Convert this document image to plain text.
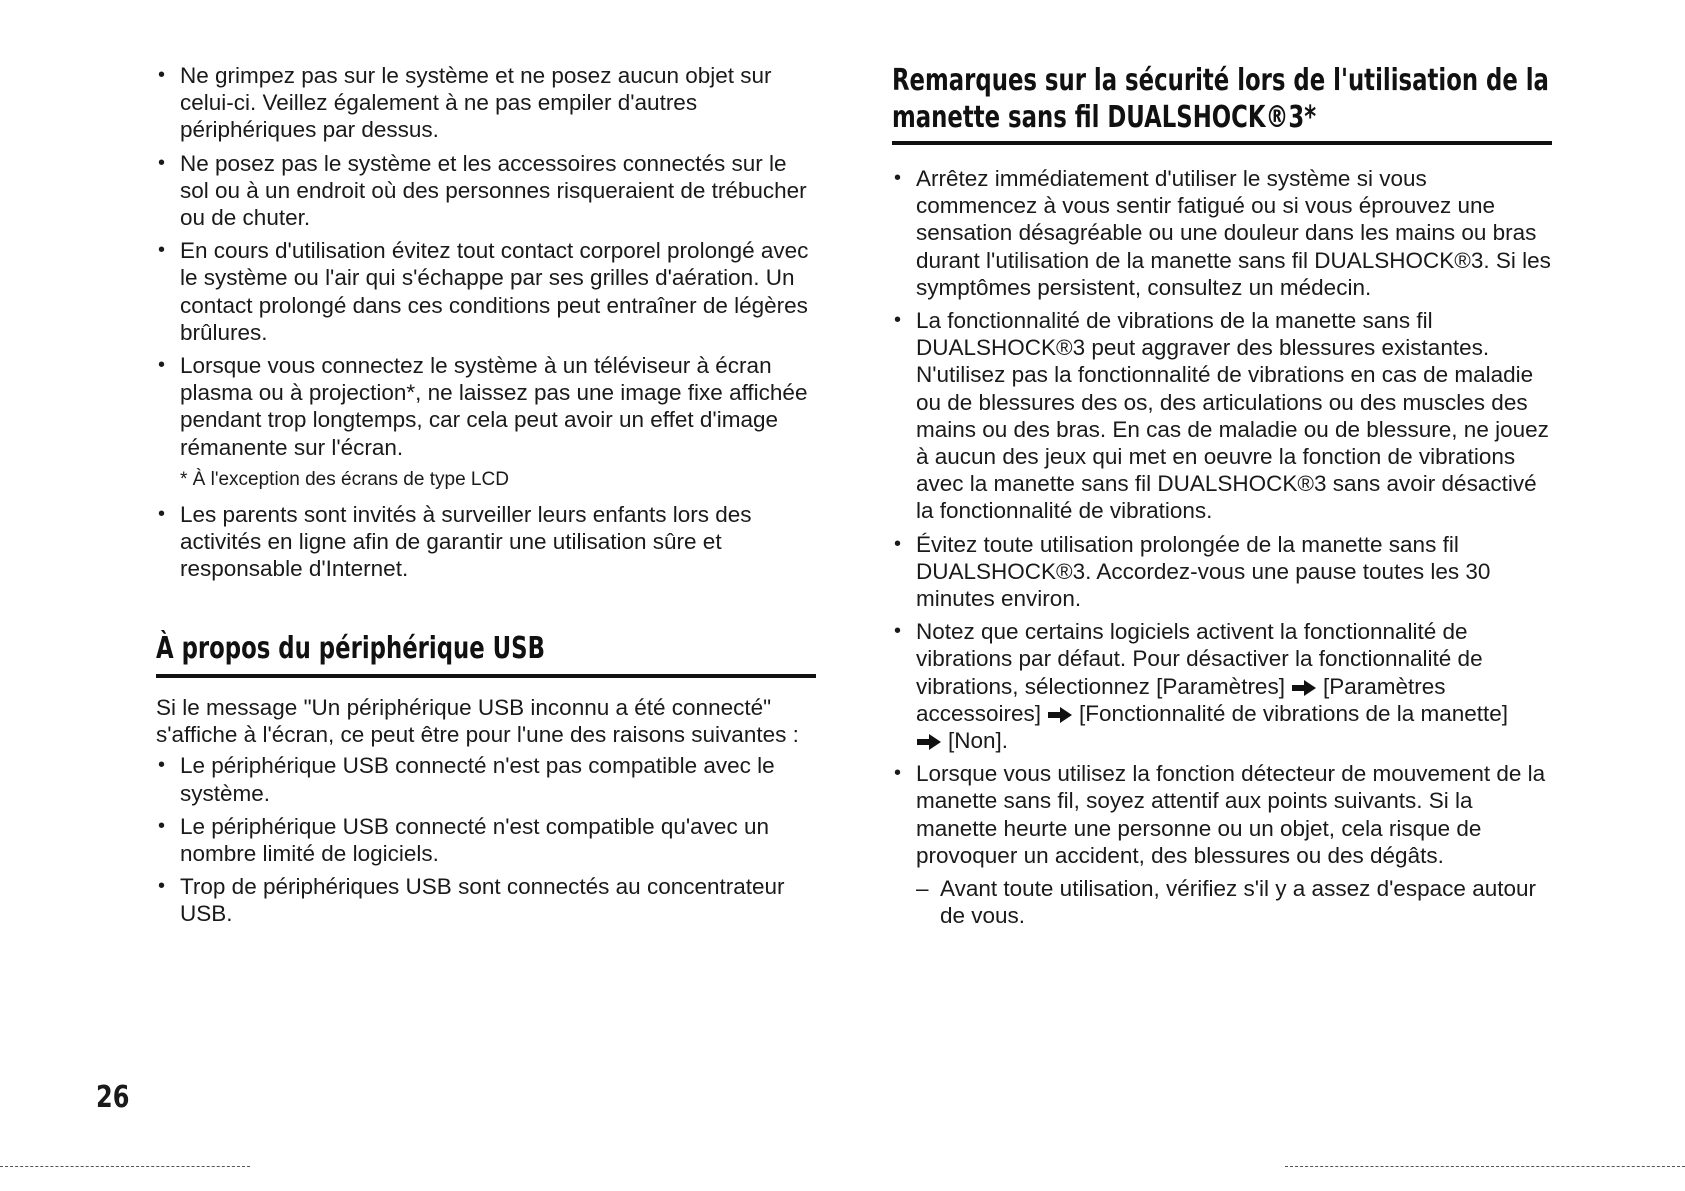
• Ne grimpez pas sur le système et ne posez aucun objet sur celui-ci. Veillez également à ne pas empiler d'autres périphériques par dessus.
• Ne posez pas le système et les accessoires connectés sur le sol ou à un endroit où des personnes risqueraient de trébucher ou de chuter.
• En cours d'utilisation évitez tout contact corporel prolongé avec le système ou l'air qui s'échappe par ses grilles d'aération. Un contact prolongé dans ces conditions peut entraîner de légères brûlures.
• Lorsque vous connectez le système à un téléviseur à écran plasma ou à projection*, ne laissez pas une image fixe affichée pendant trop longtemps, car cela peut avoir un effet d'image rémanente sur l'écran.

* À l'exception des écrans de type LCD

• Les parents sont invités à surveiller leurs enfants lors des activités en ligne afin de garantir une utilisation sûre et responsable d'Internet.
À propos du périphérique USB

Si le message "Un périphérique USB inconnu a été connecté" s'affiche à l'écran, ce peut être pour l'une des raisons suivantes :

• Le périphérique USB connecté n'est pas compatible avec le système.
• Le périphérique USB connecté n'est compatible qu'avec un nombre limité de logiciels.
• Trop de périphériques USB sont connectés au concentrateur USB.
Remarques sur la sécurité lors de l'utilisation de la
manette sans fil DUALSHOCK®3*
• Arrêtez immédiatement d'utiliser le système si vous commencez à vous sentir fatigué ou si vous éprouvez une sensation désagréable ou une douleur dans les mains ou bras durant l'utilisation de la manette sans fil DUALSHOCK®3. Si les symptômes persistent, consultez un médecin.
• La fonctionnalité de vibrations de la manette sans fil DUALSHOCK®3 peut aggraver des blessures existantes. N'utilisez pas la fonctionnalité de vibrations en cas de maladie ou de blessures des os, des articulations ou des muscles des mains ou des bras. En cas de maladie ou de blessure, ne jouez à aucun des jeux qui met en oeuvre la fonction de vibrations avec la manette sans fil DUALSHOCK®3 sans avoir désactivé la fonctionnalité de vibrations.
• Évitez toute utilisation prolongée de la manette sans fil DUALSHOCK®3. Accordez-vous une pause toutes les 30 minutes environ.
• Notez que certains logiciels activent la fonctionnalité de vibrations par défaut. Pour désactiver la fonctionnalité de vibrations, sélectionnez [Paramètres] [Paramètres accessoires] [Fonctionnalité de vibrations de la manette]
[Non].
• Lorsque vous utilisez la fonction détecteur de mouvement de la manette sans fil, soyez attentif aux points suivants. Si la manette heurte une personne ou un objet, cela risque de provoquer un accident, des blessures ou des dégâts.
– Avant toute utilisation, vérifiez s'il y a assez d'espace autour de vous.
26
